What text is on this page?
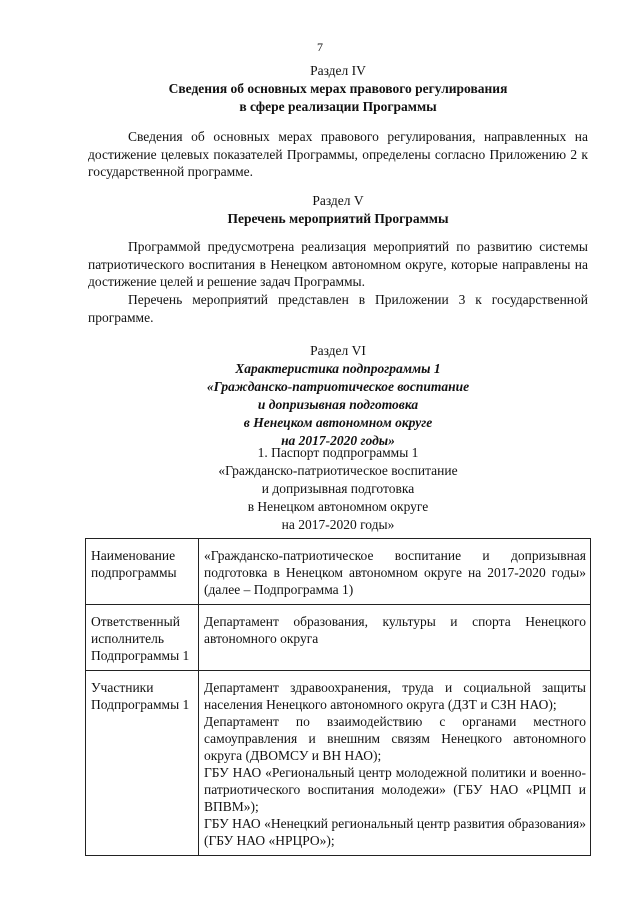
7
Раздел IV
Сведения об основных мерах правового регулирования
в сфере реализации Программы
Сведения об основных мерах правового регулирования, направленных на достижение целевых показателей Программы, определены согласно Приложению 2 к государственной программе.
Раздел V
Перечень мероприятий Программы
Программой предусмотрена реализация мероприятий по развитию системы патриотического воспитания в Ненецком автономном округе, которые направлены на достижение целей и решение задач Программы.
Перечень мероприятий представлен в Приложении 3 к государственной программе.
Раздел VI
Характеристика подпрограммы 1
«Гражданско-патриотическое воспитание
и допризывная подготовка
в Ненецком автономном округе
на 2017-2020 годы»
1. Паспорт подпрограммы 1
«Гражданско-патриотическое воспитание
и допризывная подготовка
в Ненецком автономном округе
на 2017-2020 годы»
Наименование подпрограммы	«Гражданско-патриотическое воспитание и допризывная подготовка в Ненецком автономном округе на 2017-2020 годы» (далее – Подпрограмма 1)
Ответственный исполнитель Подпрограммы 1	Департамент образования, культуры и спорта Ненецкого автономного округа
Участники Подпрограммы 1	Департамент здравоохранения, труда и социальной защиты населения Ненецкого автономного округа (ДЗТ и СЗН НАО);

Департамент по взаимодействию с органами местного самоуправления и внешним связям Ненецкого автономного округа (ДВОМСУ и ВН НАО);

ГБУ НАО «Региональный центр молодежной политики и военно-патриотического воспитания молодежи» (ГБУ НАО «РЦМП и ВПВМ»);

ГБУ НАО «Ненецкий региональный центр развития образования» (ГБУ НАО «НРЦРО»);
